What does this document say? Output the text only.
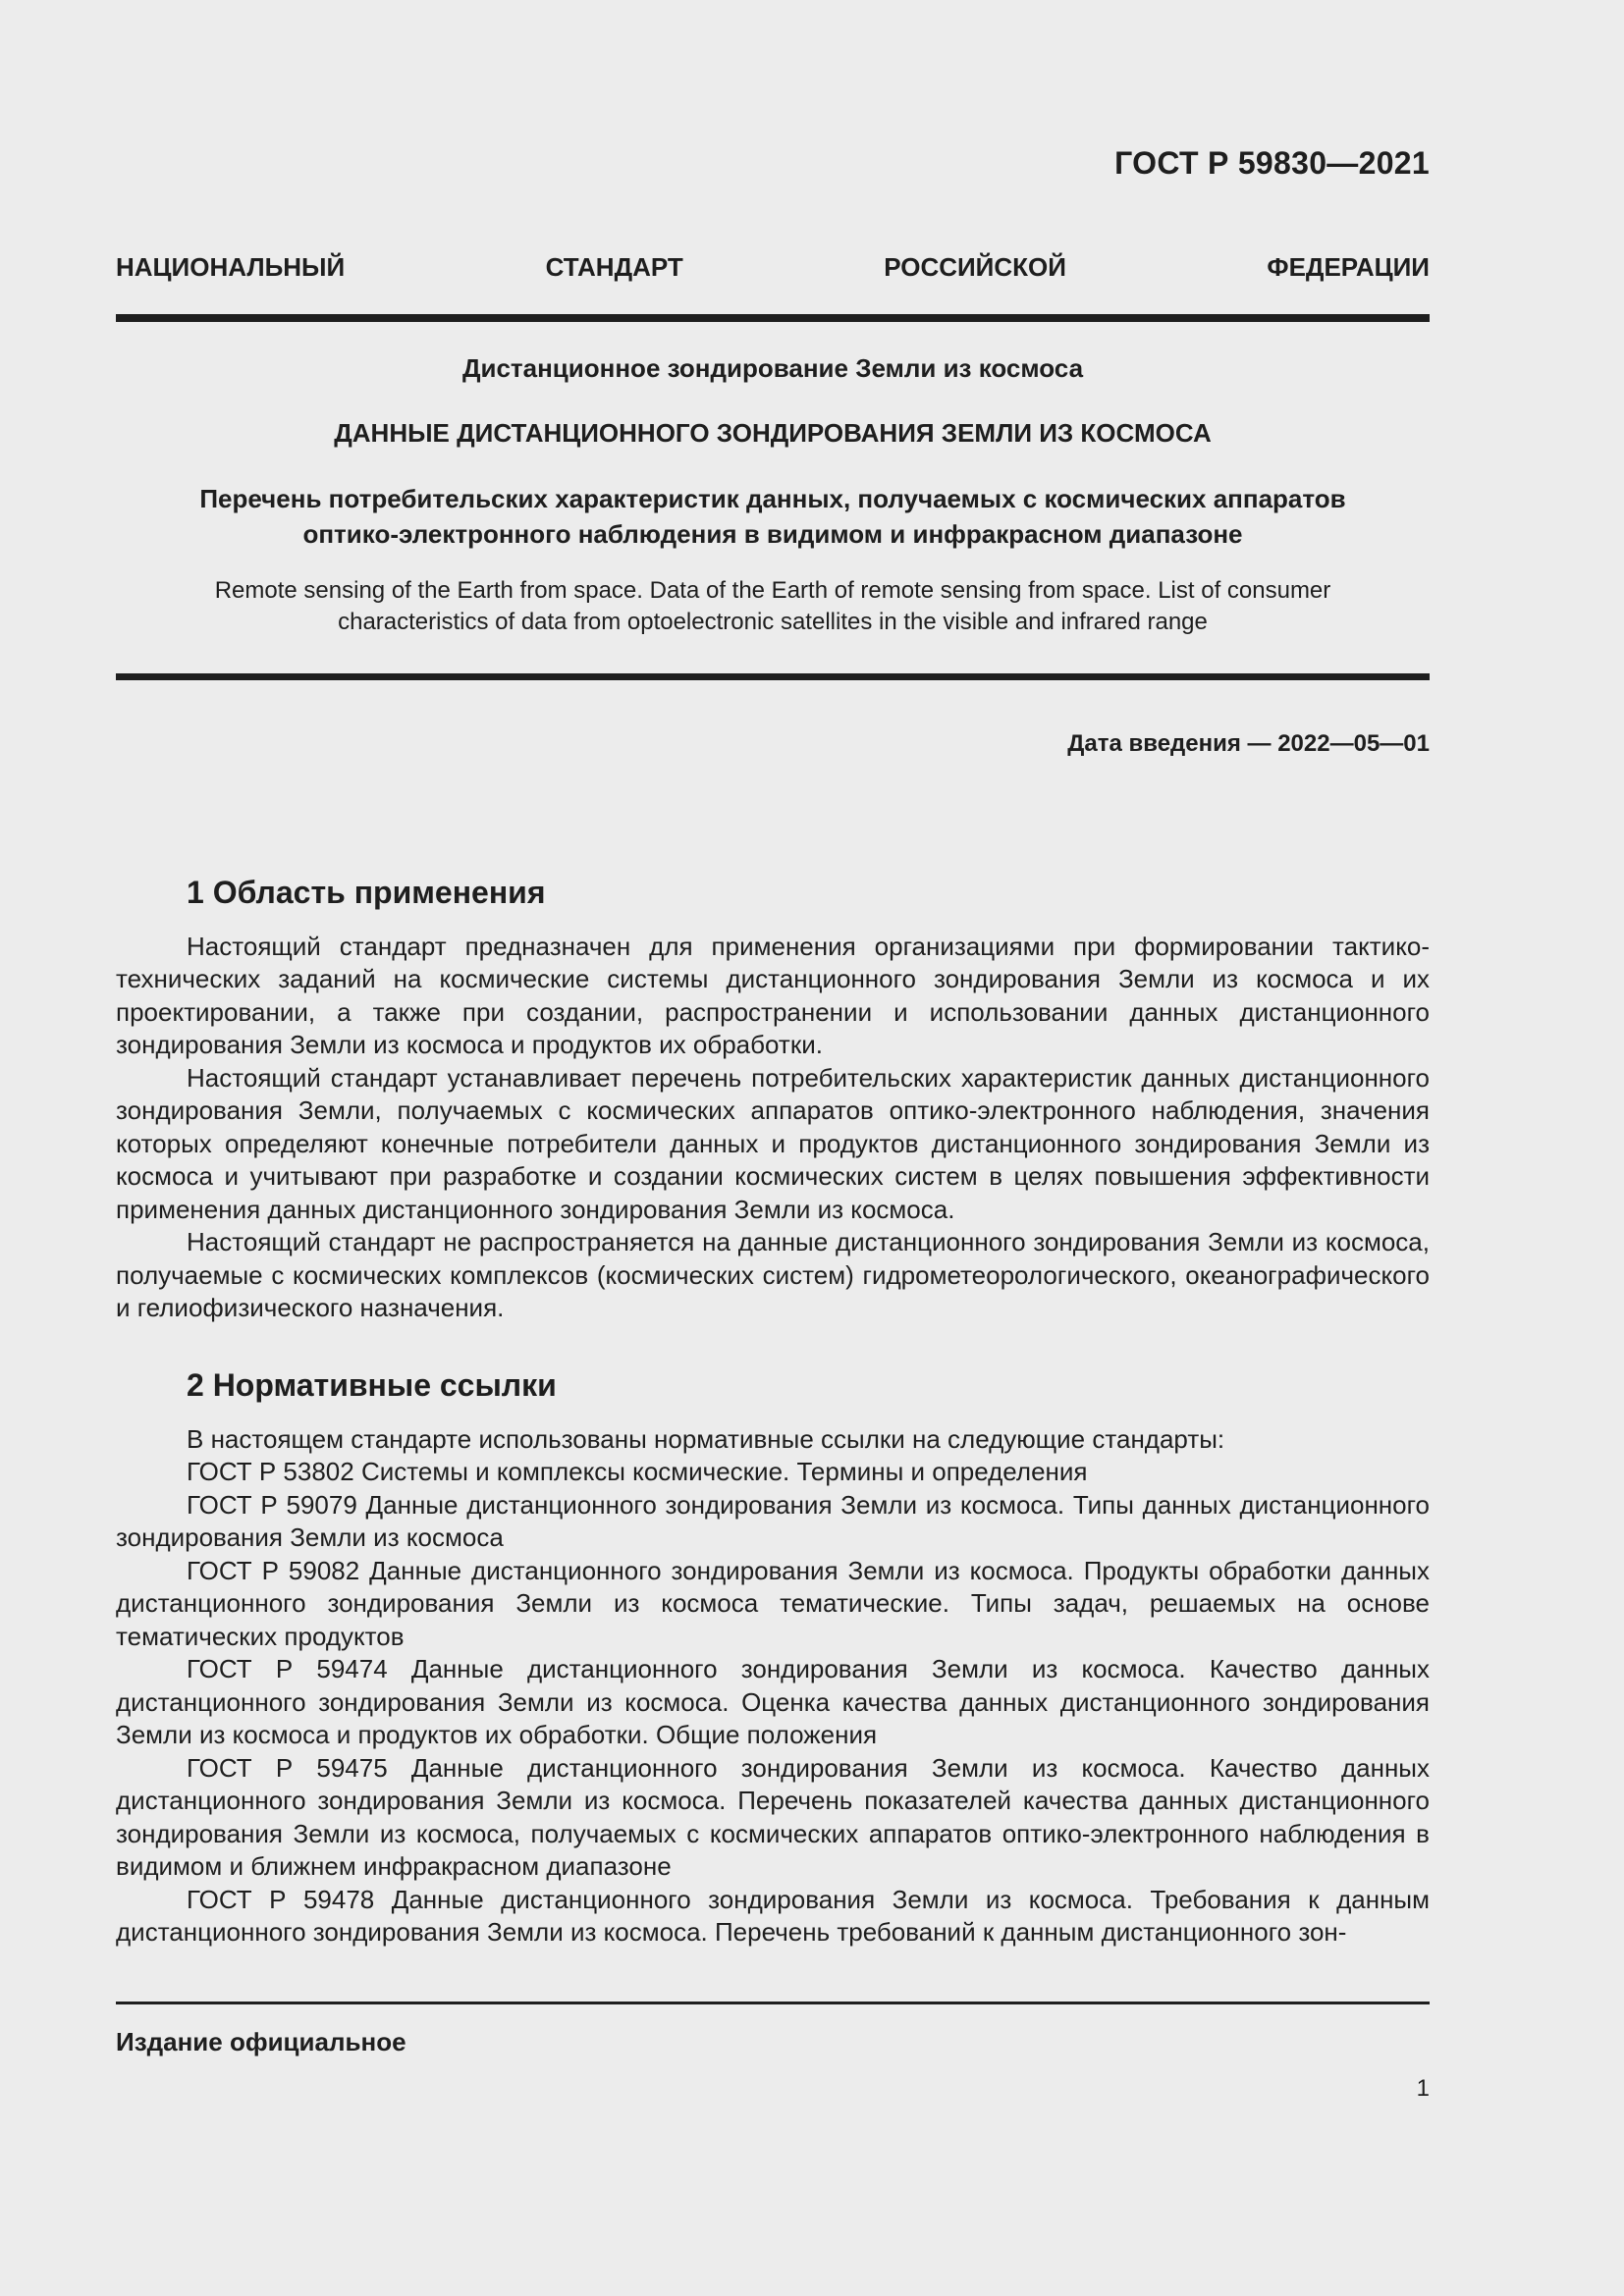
ГОСТ Р 59830—2021
НАЦИОНАЛЬНЫЙ СТАНДАРТ РОССИЙСКОЙ ФЕДЕРАЦИИ
Дистанционное зондирование Земли из космоса
ДАННЫЕ ДИСТАНЦИОННОГО ЗОНДИРОВАНИЯ ЗЕМЛИ ИЗ КОСМОСА
Перечень потребительских характеристик данных, получаемых с космических аппаратов
оптико-электронного наблюдения в видимом и инфракрасном диапазоне
Remote sensing of the Earth from space. Data of the Earth of remote sensing from space. List of consumer
characteristics of data from optoelectronic satellites in the visible and infrared range
Дата введения — 2022—05—01
1 Область применения

Настоящий стандарт предназначен для применения организациями при формировании тактико-технических заданий на космические системы дистанционного зондирования Земли из космоса и их проектировании, а также при создании, распространении и использовании данных дистанционного зондирования Земли из космоса и продуктов их обработки.

Настоящий стандарт устанавливает перечень потребительских характеристик данных дистанционного зондирования Земли, получаемых с космических аппаратов оптико-электронного наблюдения, значения которых определяют конечные потребители данных и продуктов дистанционного зондирования Земли из космоса и учитывают при разработке и создании космических систем в целях повышения эффективности применения данных дистанционного зондирования Земли из космоса.

Настоящий стандарт не распространяется на данные дистанционного зондирования Земли из космоса, получаемые с космических комплексов (космических систем) гидрометеорологического, океанографического и гелиофизического назначения.

2 Нормативные ссылки

В настоящем стандарте использованы нормативные ссылки на следующие стандарты:

ГОСТ Р 53802 Системы и комплексы космические. Термины и определения

ГОСТ Р 59079 Данные дистанционного зондирования Земли из космоса. Типы данных дистанционного зондирования Земли из космоса

ГОСТ Р 59082 Данные дистанционного зондирования Земли из космоса. Продукты обработки данных дистанционного зондирования Земли из космоса тематические. Типы задач, решаемых на основе тематических продуктов

ГОСТ Р 59474 Данные дистанционного зондирования Земли из космоса. Качество данных дистанционного зондирования Земли из космоса. Оценка качества данных дистанционного зондирования Земли из космоса и продуктов их обработки. Общие положения

ГОСТ Р 59475 Данные дистанционного зондирования Земли из космоса. Качество данных дистанционного зондирования Земли из космоса. Перечень показателей качества данных дистанционного зондирования Земли из космоса, получаемых с космических аппаратов оптико-электронного наблюдения в видимом и ближнем инфракрасном диапазоне

ГОСТ Р 59478 Данные дистанционного зондирования Земли из космоса. Требования к данным дистанционного зондирования Земли из космоса. Перечень требований к данным дистанционного зон-

Издание официальное
1
